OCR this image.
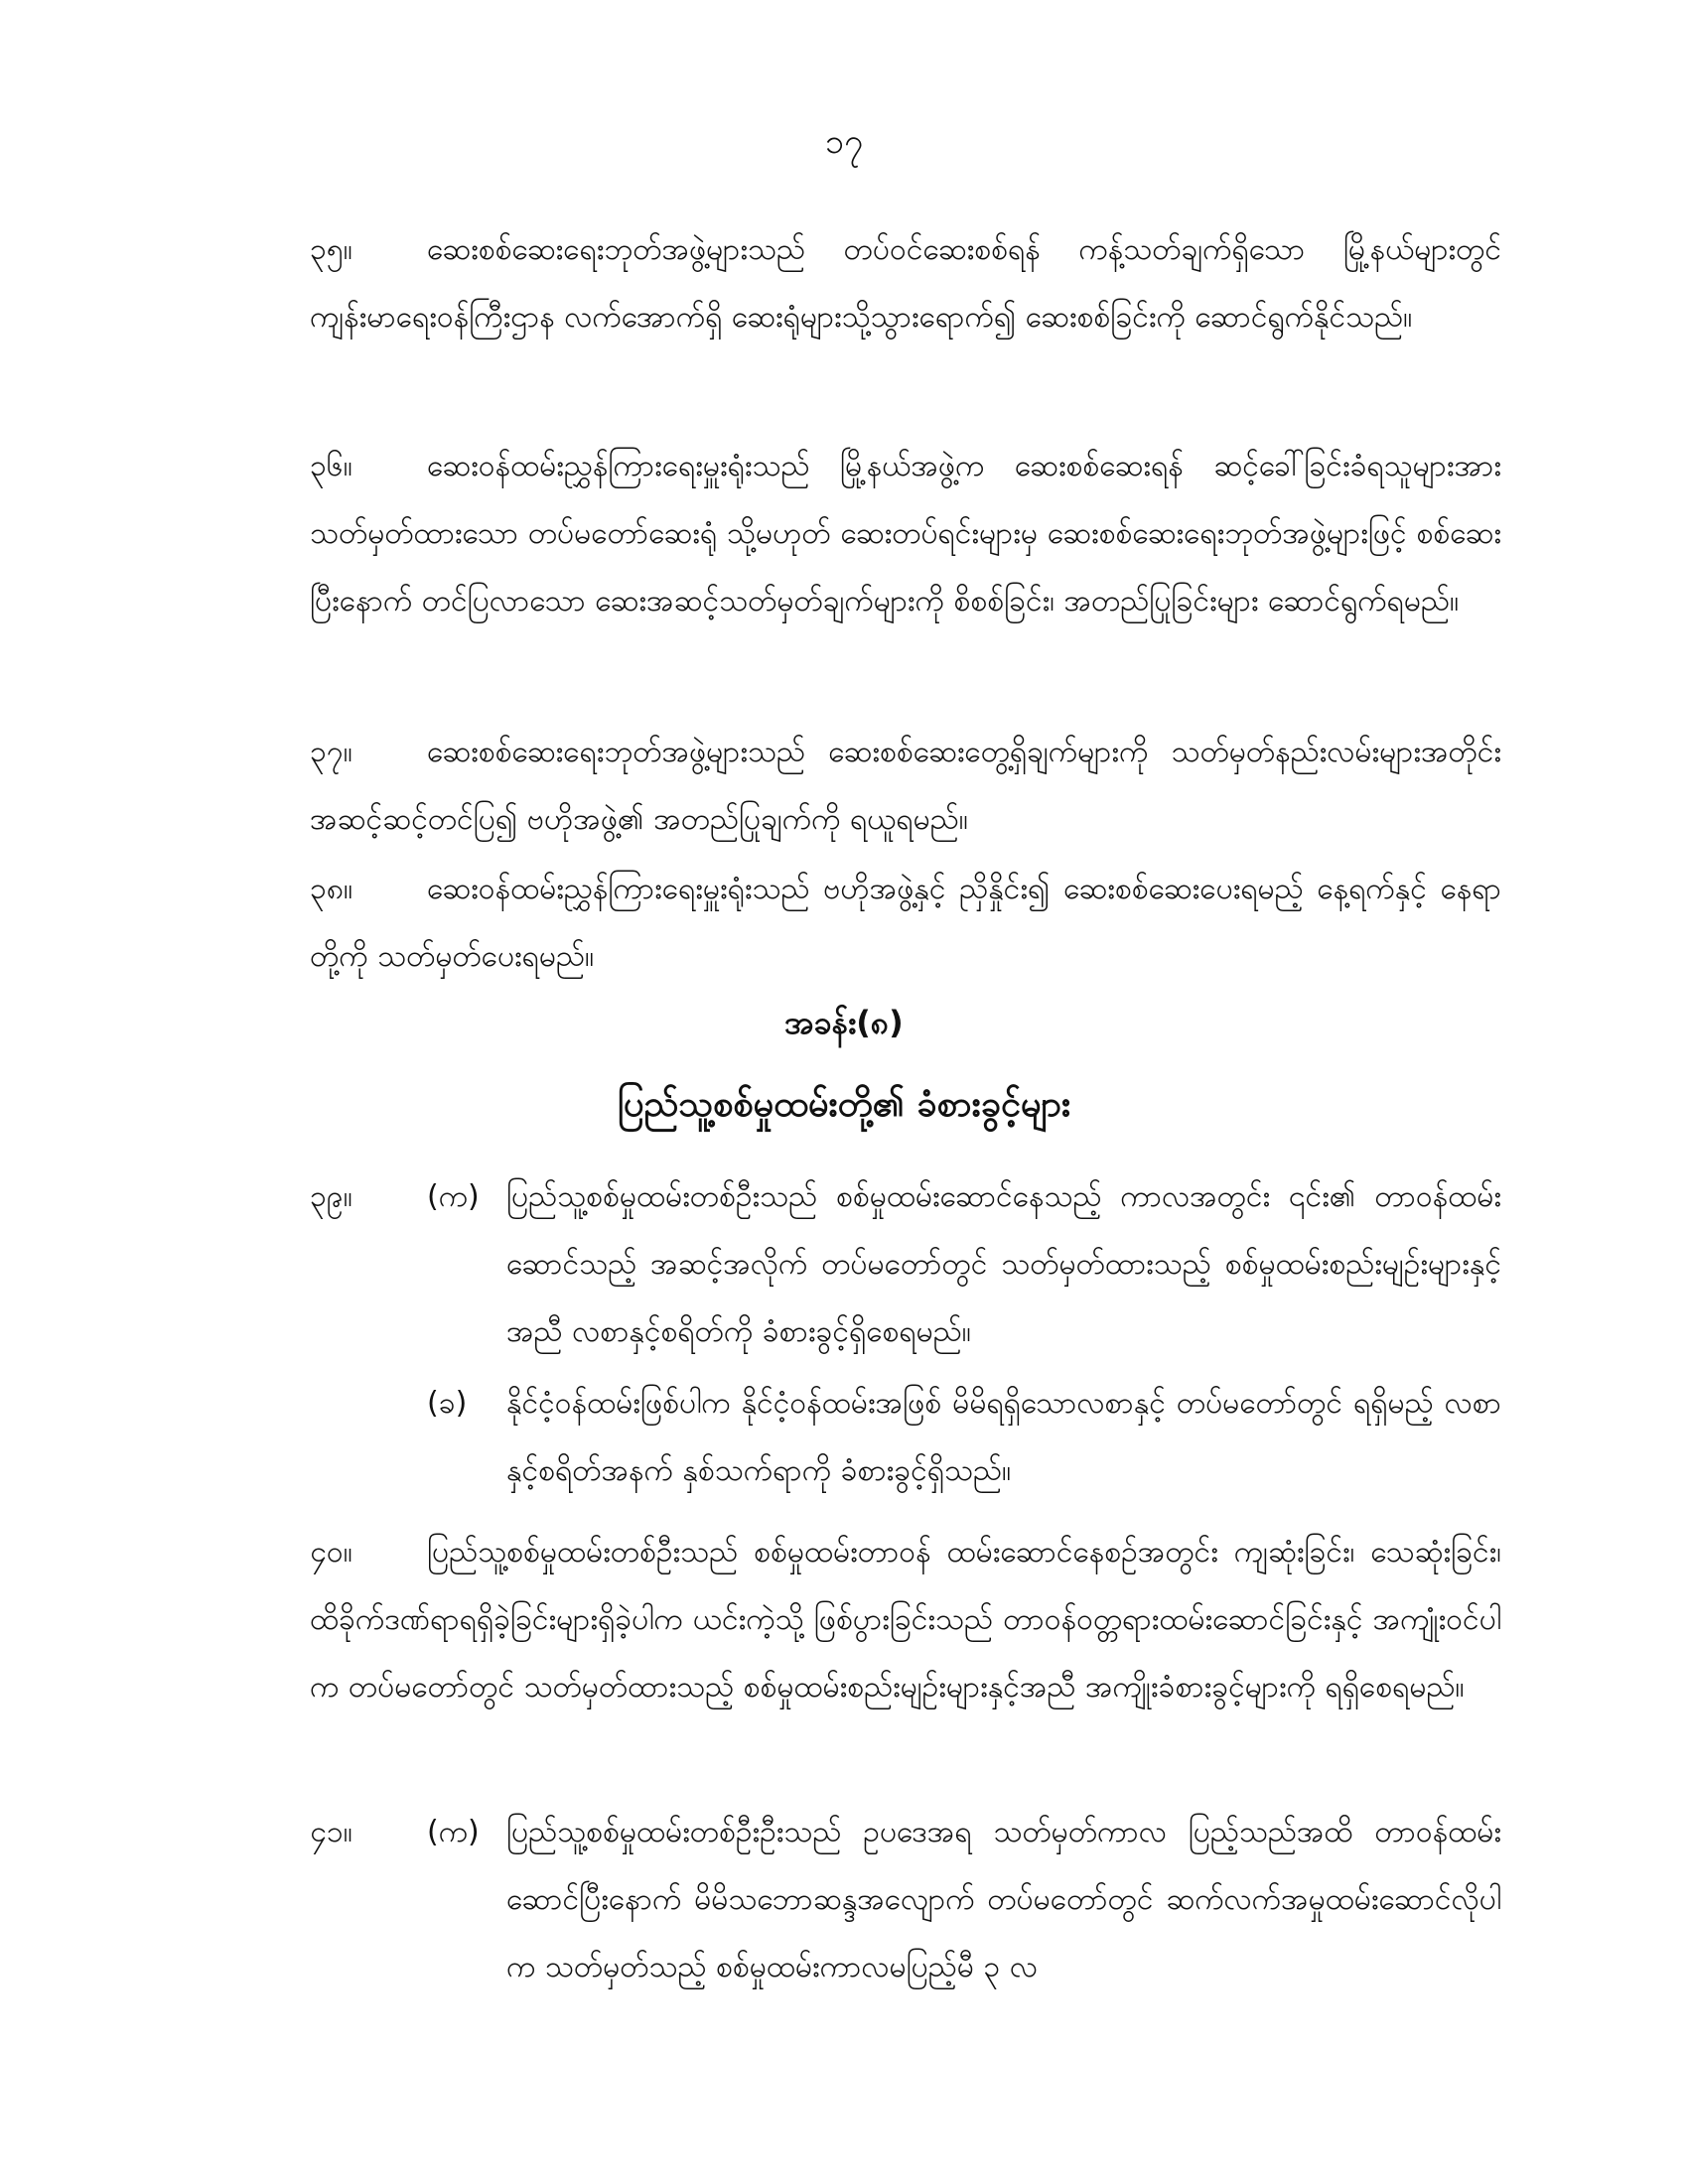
၁၇

၃၅။	ဆေးစစ်ဆေးရေးဘုတ်အဖွဲ့များသည် တပ်ဝင်ဆေးစစ်ရန် ကန့်သတ်ချက်ရှိသော မြို့နယ်များတွင် ကျန်းမာရေးဝန်ကြီးဌာန လက်အောက်ရှိ ဆေးရုံများသို့သွားရောက်၍ ဆေးစစ်ခြင်းကို ဆောင်ရွက်နိုင်သည်။

၃၆။	ဆေးဝန်ထမ်းညွှန်ကြားရေးမှူးရုံးသည် မြို့နယ်အဖွဲ့က ဆေးစစ်ဆေးရန် ဆင့်ခေါ်ခြင်းခံရသူများအား သတ်မှတ်ထားသော တပ်မတော်ဆေးရုံ သို့မဟုတ် ဆေးတပ်ရင်းများမှ ဆေးစစ်ဆေးရေးဘုတ်အဖွဲ့များဖြင့် စစ်ဆေးပြီးနောက် တင်ပြလာသော ဆေးအဆင့်သတ်မှတ်ချက်များကို စိစစ်ခြင်း၊ အတည်ပြုခြင်းများ ဆောင်ရွက်ရမည်။

၃၇။	ဆေးစစ်ဆေးရေးဘုတ်အဖွဲ့များသည် ဆေးစစ်ဆေးတွေ့ရှိချက်များကို သတ်မှတ်နည်းလမ်းများအတိုင်း အဆင့်ဆင့်တင်ပြ၍ ဗဟိုအဖွဲ့၏ အတည်ပြုချက်ကို ရယူရမည်။

၃၈။ ဆေးဝန်ထမ်းညွှန်ကြားရေးမှူးရုံးသည် ဗဟိုအဖွဲ့နှင့် ညှိနှိုင်း၍ ဆေးစစ်ဆေးပေးရမည့် နေ့ရက်နှင့် နေရာတို့ကို သတ်မှတ်ပေးရမည်။

အခန်း(၈)
ပြည်သူ့စစ်မှုထမ်းတို့၏ ခံစားခွင့်များ
၃၉။	(က) ပြည်သူ့စစ်မှုထမ်းတစ်ဦးသည် စစ်မှုထမ်းဆောင်နေသည့် ကာလအတွင်း ၎င်း၏ တာဝန်ထမ်းဆောင်သည့် အဆင့်အလိုက် တပ်မတော်တွင် သတ်မှတ်ထားသည့် စစ်မှုထမ်းစည်းမျဉ်းများနှင့်အညီ လစာနှင့်စရိတ်ကို ခံစားခွင့်ရှိစေရမည်။
(ခ)	နိုင်ငံ့ဝန်ထမ်းဖြစ်ပါက နိုင်ငံ့ဝန်ထမ်းအဖြစ် မိမိရရှိသောလစာနှင့် တပ်မတော်တွင် ရရှိမည့် လစာနှင့်စရိတ်အနက် နှစ်သက်ရာကို ခံစားခွင့်ရှိသည်။

၄၀။	ပြည်သူ့စစ်မှုထမ်းတစ်ဦးသည် စစ်မှုထမ်းတာဝန် ထမ်းဆောင်နေစဉ်အတွင်း ကျဆုံးခြင်း၊ သေဆုံးခြင်း၊ ထိခိုက်ဒဏ်ရာရရှိခဲ့ခြင်းများရှိခဲ့ပါက ယင်းကဲ့သို့ ဖြစ်ပွားခြင်းသည် တာဝန်ဝတ္တရားထမ်းဆောင်ခြင်းနှင့် အကျုံးဝင်ပါက တပ်မတော်တွင် သတ်မှတ်ထားသည့် စစ်မှုထမ်းစည်းမျဉ်းများနှင့်အညီ အကျိုးခံစားခွင့်များကို ရရှိစေရမည်။

၄၁။	(က) ပြည်သူ့စစ်မှုထမ်းတစ်ဦးဦးသည် ဥပဒေအရ သတ်မှတ်ကာလ ပြည့်သည်အထိ တာဝန်ထမ်းဆောင်ပြီးနောက် မိမိသဘောဆန္ဒအလျောက် တပ်မတော်တွင် ဆက်လက်အမှုထမ်းဆောင်လိုပါက သတ်မှတ်သည့် စစ်မှုထမ်းကာလမပြည့်မီ ၃ လ
